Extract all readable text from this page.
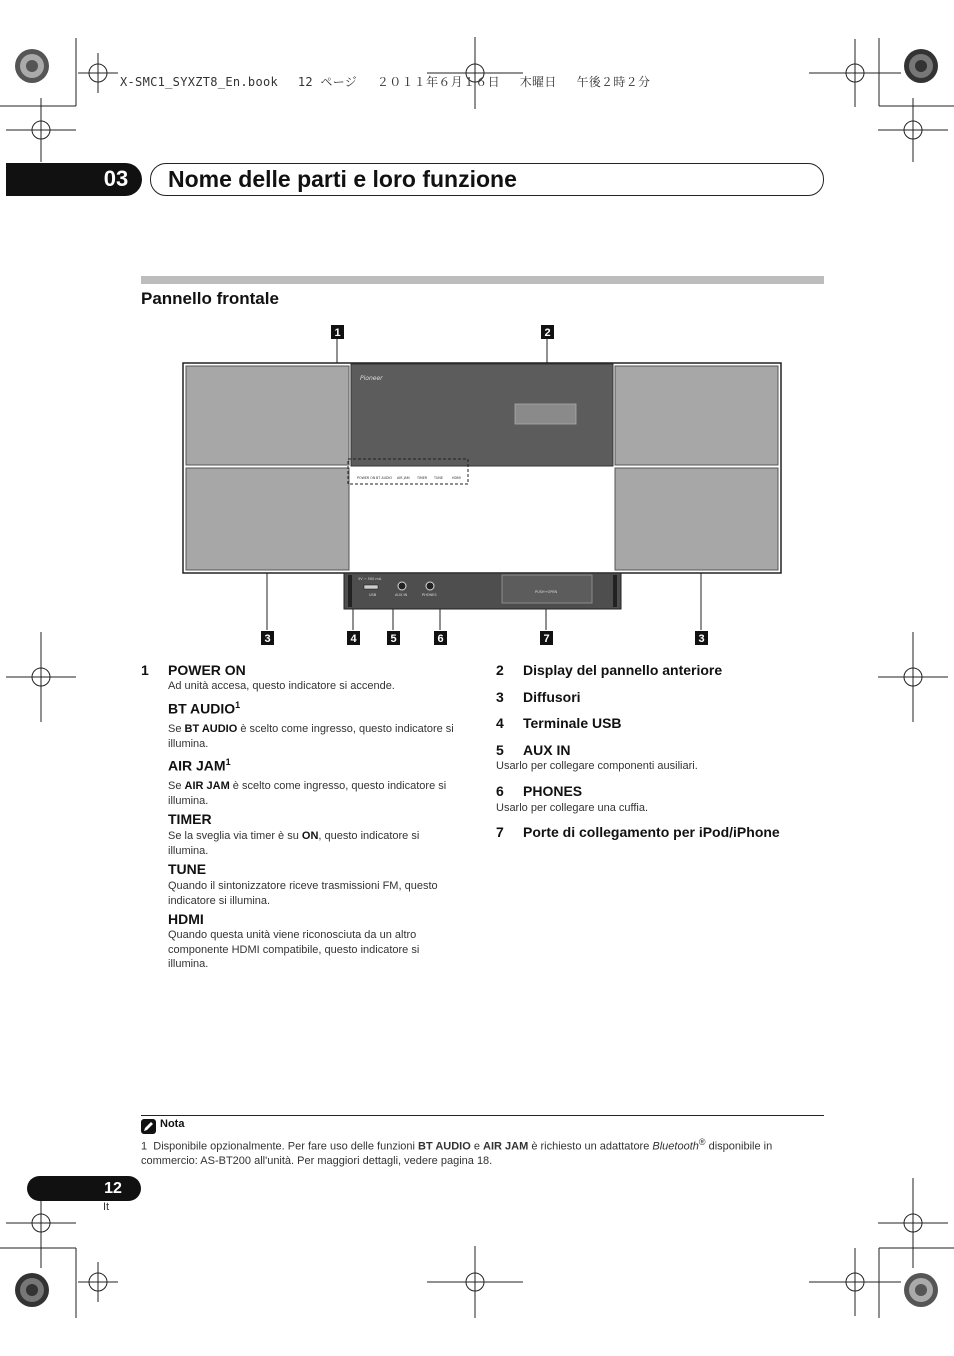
X-SMC1_SYXZT8_En.book　 12 ページ　 ２０１１年６月１６日　 木曜日　 午後２時２分
03	Nome delle parti e loro funzione
Pannello frontale
Pioneer
POWER ON BT AUDIO AIR JAM	TIMER	TUNE	HDMI
5V ⎓ 500 mA
USB	AUX IN	PHONES
PUSH→OPEN
1	2
3	4	5	6	7	3
1 POWER ON
Ad unità accesa, questo indicatore si accende.
BT AUDIO$^1$
Se BT AUDIO è scelto come ingresso, questo indicatore si illumina.
AIR JAM$^1$
Se AIR JAM è scelto come ingresso, questo indicatore si illumina.
TIMER
Se la sveglia via timer è su ON, questo indicatore si illumina.
TUNE
Quando il sintonizzatore riceve trasmissioni FM, questo indicatore si illumina.
HDMI
Quando questa unità viene riconosciuta da un altro componente HDMI compatibile, questo indicatore si illumina.
2 Display del pannello anteriore
3 Diffusori
4 Terminale USB
5 AUX IN
Usarlo per collegare componenti ausiliari.
6 PHONES
Usarlo per collegare una cuffia.
7 Porte di collegamento per iPod/iPhone
Nota
1 Disponibile opzionalmente. Per fare uso delle funzioni BT AUDIO e AIR JAM è richiesto un adattatore Bluetooth® disponibile in commercio: AS-BT200 all'unità. Per maggiori dettagli, vedere pagina 18.
12
It
